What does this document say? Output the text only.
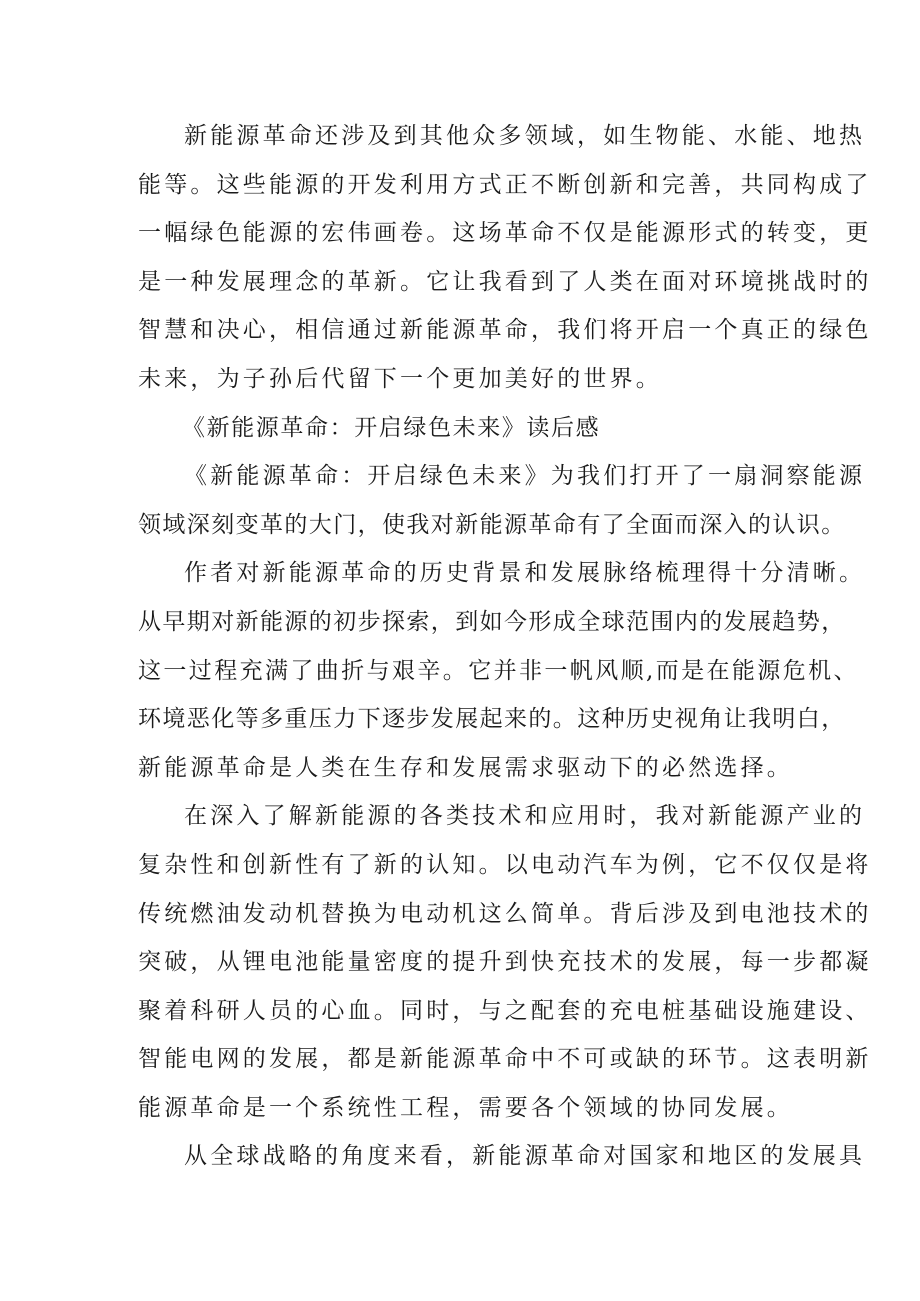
新能源革命还涉及到其他众多领域，如生物能、水能、地热
能等。这些能源的开发利用方式正不断创新和完善，共同构成了
一幅绿色能源的宏伟画卷。这场革命不仅是能源形式的转变，更
是一种发展理念的革新。它让我看到了人类在面对环境挑战时的
智慧和决心，相信通过新能源革命，我们将开启一个真正的绿色
未来，为子孙后代留下一个更加美好的世界。
《新能源革命：开启绿色未来》读后感
《新能源革命：开启绿色未来》为我们打开了一扇洞察能源
领域深刻变革的大门，使我对新能源革命有了全面而深入的认识。
作者对新能源革命的历史背景和发展脉络梳理得十分清晰。
从早期对新能源的初步探索，到如今形成全球范围内的发展趋势，
这一过程充满了曲折与艰辛。它并非一帆风顺,而是在能源危机、
环境恶化等多重压力下逐步发展起来的。这种历史视角让我明白，
新能源革命是人类在生存和发展需求驱动下的必然选择。
在深入了解新能源的各类技术和应用时，我对新能源产业的
复杂性和创新性有了新的认知。以电动汽车为例，它不仅仅是将
传统燃油发动机替换为电动机这么简单。背后涉及到电池技术的
突破，从锂电池能量密度的提升到快充技术的发展，每一步都凝
聚着科研人员的心血。同时，与之配套的充电桩基础设施建设、
智能电网的发展，都是新能源革命中不可或缺的环节。这表明新
能源革命是一个系统性工程，需要各个领域的协同发展。
从全球战略的角度来看，新能源革命对国家和地区的发展具
